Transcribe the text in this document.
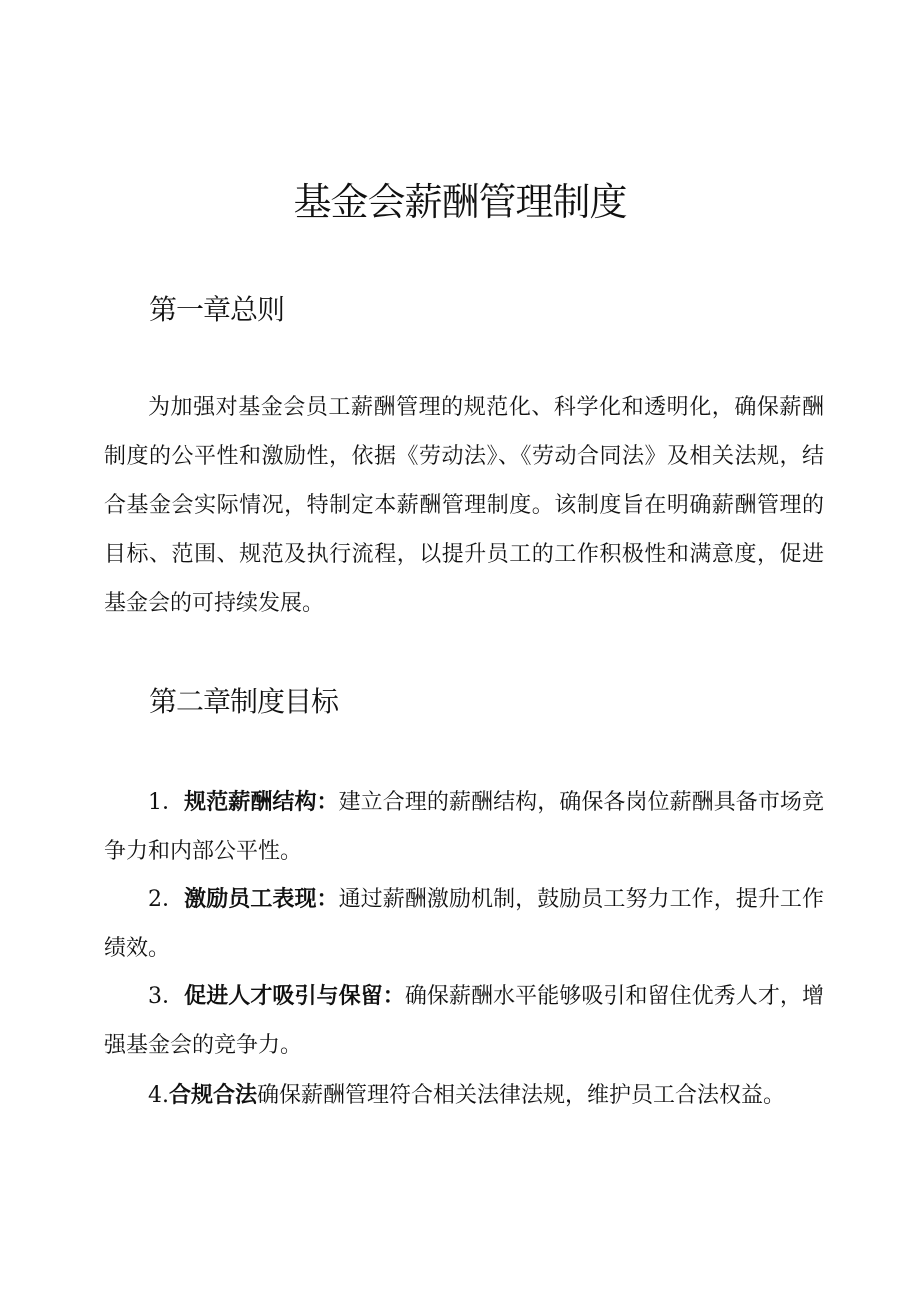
基金会薪酬管理制度
第一章总则

为加强对基金会员工薪酬管理的规范化、科学化和透明化，确保薪酬制度的公平性和激励性，依据《劳动法》、《劳动合同法》及相关法规，结合基金会实际情况，特制定本薪酬管理制度。该制度旨在明确薪酬管理的目标、范围、规范及执行流程，以提升员工的工作积极性和满意度，促进基金会的可持续发展。

第二章制度目标

1．规范薪酬结构：建立合理的薪酬结构，确保各岗位薪酬具备市场竞争力和内部公平性。

2．激励员工表现：通过薪酬激励机制，鼓励员工努力工作，提升工作绩效。

3．促进人才吸引与保留：确保薪酬水平能够吸引和留住优秀人才，增强基金会的竞争力。

4.合规合法确保薪酬管理符合相关法律法规，维护员工合法权益。
